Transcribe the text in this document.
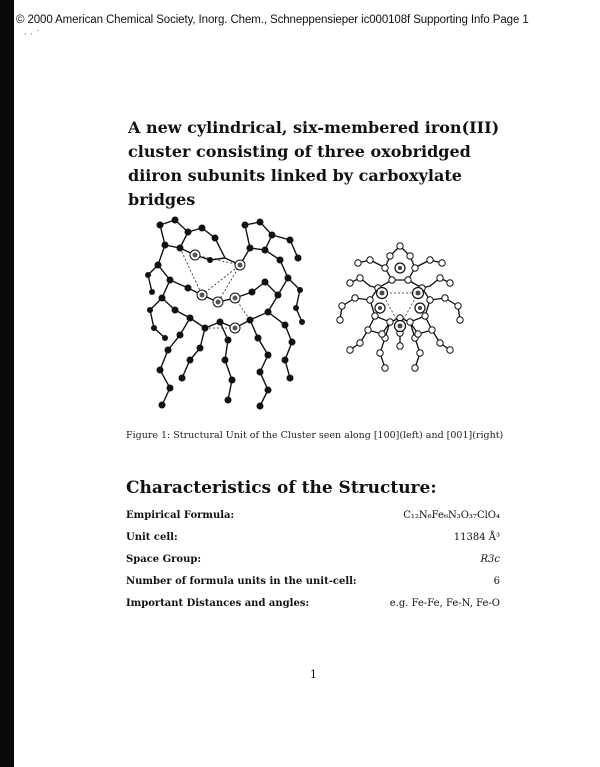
© 2000 American Chemical Society, Inorg. Chem., Schneppensieper ic000108f Supporting Info Page 1
· · ˙
A new cylindrical, six-membered iron(III) cluster consisting of three oxobridged diiron subunits linked by carboxylate bridges
Figure 1: Structural Unit of the Cluster seen along [100](left) and [001](right)
Characteristics of the Structure:
Empirical Formula:	C₁₂N₆Fe₆N₃O₃₇ClO₄
Unit cell:	11384 Å³
Space Group:	R3c
Number of formula units in the unit-cell:	6
Important Distances and angles:	e.g. Fe-Fe, Fe-N, Fe-O
1
